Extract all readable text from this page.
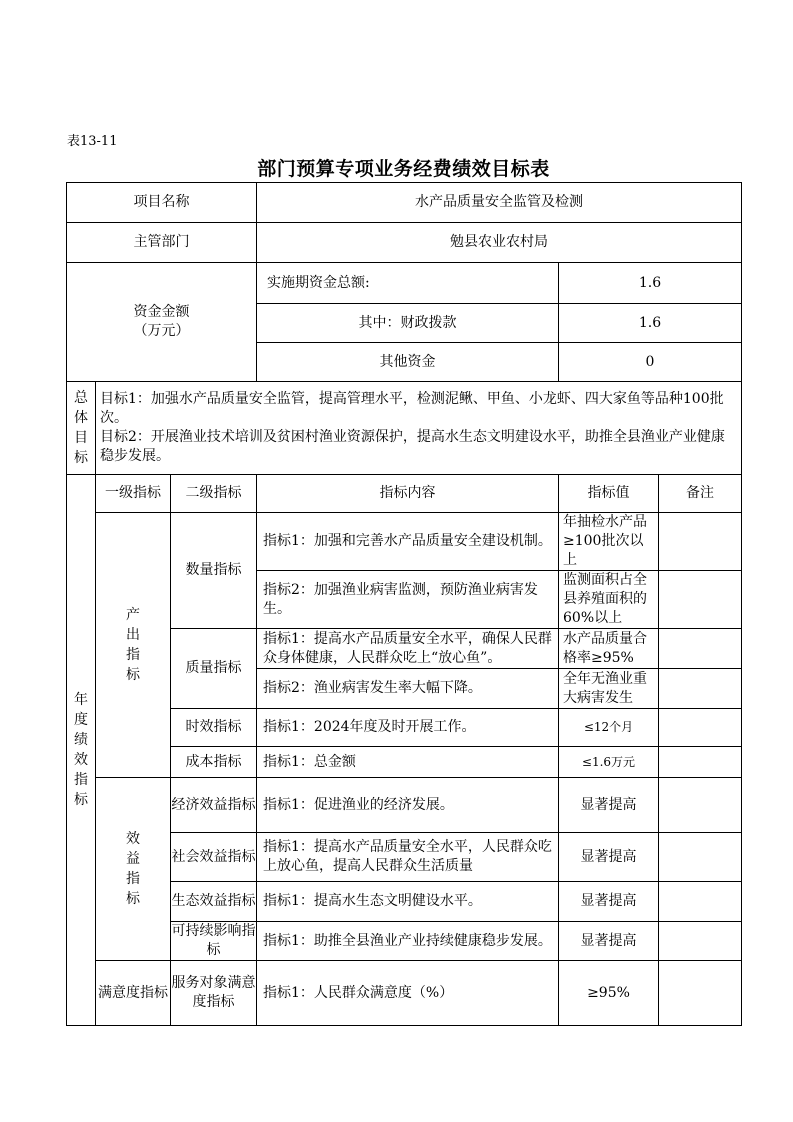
表13-11
部门预算专项业务经费绩效目标表
项目名称			水产品质量安全监管及检测		
主管部门			勉县农业农村局		

资金金额
（万元）			实施期资金总额:	1.6	
			其中：财政拨款	1.6	
			其他资金	0	
总体目标	目标1：加强水产品质量安全监管，提高管理水平，检测泥鳅、甲鱼、小龙虾、四大家鱼等品种100批次。

目标2：开展渔业技术培训及贫困村渔业资源保护，提高水生态文明建设水平，助推全县渔业产业健康稳步发展。				

年度绩效指标	一级指标	二级指标	指标内容	指标值	备注
	产出指标	数量指标	指标1：加强和完善水产品质量安全建设机制。	年抽检水产品≥100批次以上	
			指标2：加强渔业病害监测，预防渔业病害发生。	监测面积占全县养殖面积的60%以上	
		质量指标	指标1：提高水产品质量安全水平，确保人民群众身体健康，人民群众吃上“放心鱼”。	水产品质量合格率≥95%	
			指标2：渔业病害发生率大幅下降。	全年无渔业重大病害发生	
		时效指标	指标1：2024年度及时开展工作。	≤12个月	
		成本指标	指标1：总金额	≤1.6万元	
	效益指标	经济效益指标	指标1：促进渔业的经济发展。	显著提高	
		社会效益指标	指标1：提高水产品质量安全水平，人民群众吃上放心鱼，提高人民群众生活质量	显著提高	
		生态效益指标	指标1：提高水生态文明健设水平。	显著提高	
		可持续影响指标	指标1：助推全县渔业产业持续健康稳步发展。	显著提高	
	满意度指标	服务对象满意度指标	指标1：人民群众满意度（%）	≥95%	
